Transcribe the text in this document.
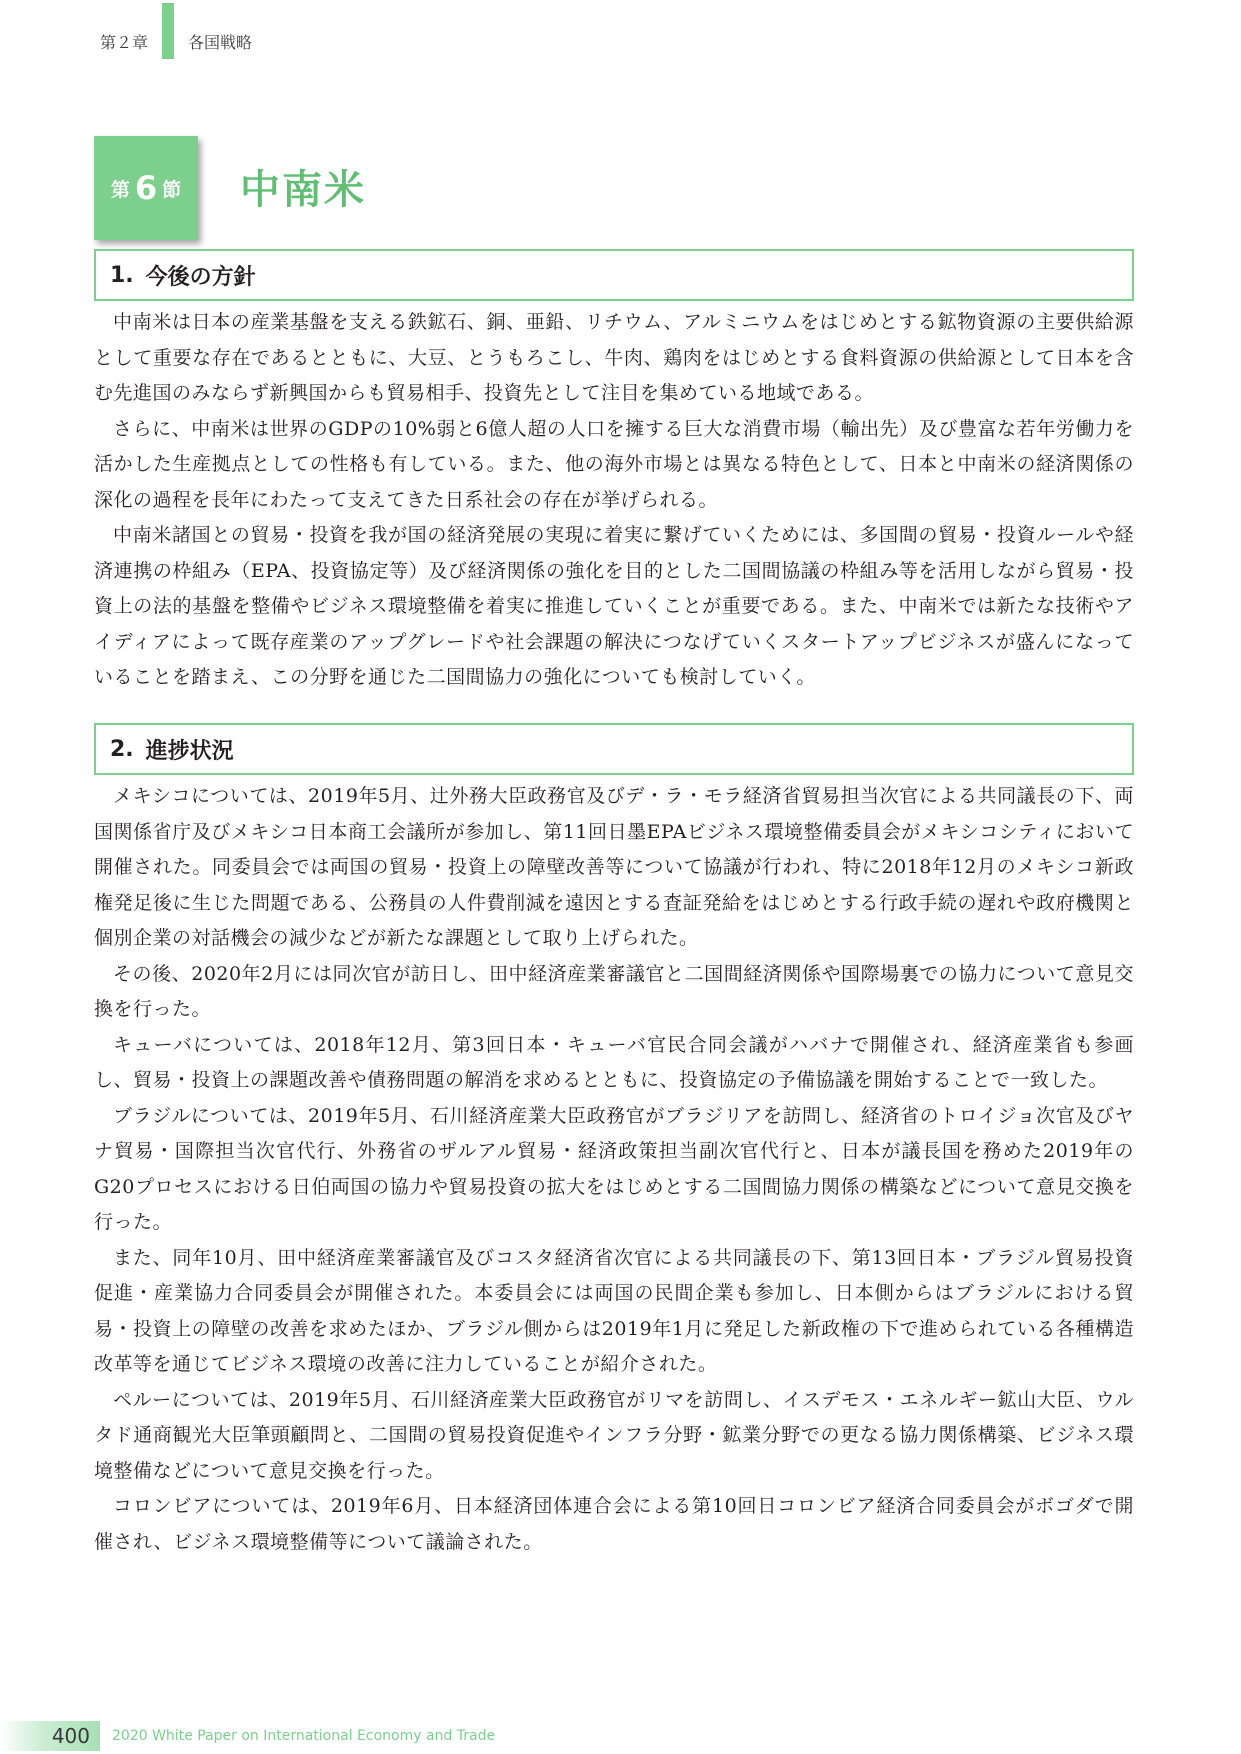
第２章	各国戦略
第 6 節 中南米
1. 今後の方針

中南米は日本の産業基盤を支える鉄鉱石、銅、亜鉛、リチウム、アルミニウムをはじめとする鉱物資源の主要供給源として重要な存在であるとともに、大豆、とうもろこし、牛肉、鶏肉をはじめとする食料資源の供給源として日本を含む先進国のみならず新興国からも貿易相手、投資先として注目を集めている地域である。

さらに、中南米は世界のGDPの10%弱と6億人超の人口を擁する巨大な消費市場（輸出先）及び豊富な若年労働力を活かした生産拠点としての性格も有している。また、他の海外市場とは異なる特色として、日本と中南米の経済関係の深化の過程を長年にわたって支えてきた日系社会の存在が挙げられる。

中南米諸国との貿易・投資を我が国の経済発展の実現に着実に繋げていくためには、多国間の貿易・投資ルールや経済連携の枠組み（EPA、投資協定等）及び経済関係の強化を目的とした二国間協議の枠組み等を活用しながら貿易・投資上の法的基盤を整備やビジネス環境整備を着実に推進していくことが重要である。また、中南米では新たな技術やアイディアによって既存産業のアップグレードや社会課題の解決につなげていくスタートアップビジネスが盛んになっていることを踏まえ、この分野を通じた二国間協力の強化についても検討していく。

2. 進捗状況

メキシコについては、2019年5月、辻外務大臣政務官及びデ・ラ・モラ経済省貿易担当次官による共同議長の下、両国関係省庁及びメキシコ日本商工会議所が参加し、第11回日墨EPAビジネス環境整備委員会がメキシコシティにおいて開催された。同委員会では両国の貿易・投資上の障壁改善等について協議が行われ、特に2018年12月のメキシコ新政権発足後に生じた問題である、公務員の人件費削減を遠因とする査証発給をはじめとする行政手続の遅れや政府機関と個別企業の対話機会の減少などが新たな課題として取り上げられた。

その後、2020年2月には同次官が訪日し、田中経済産業審議官と二国間経済関係や国際場裏での協力について意見交換を行った。

キューバについては、2018年12月、第3回日本・キューバ官民合同会議がハバナで開催され、経済産業省も参画し、貿易・投資上の課題改善や債務問題の解消を求めるとともに、投資協定の予備協議を開始することで一致した。

ブラジルについては、2019年5月、石川経済産業大臣政務官がブラジリアを訪問し、経済省のトロイジョ次官及びヤナ貿易・国際担当次官代行、外務省のザルアル貿易・経済政策担当副次官代行と、日本が議長国を務めた2019年のG20プロセスにおける日伯両国の協力や貿易投資の拡大をはじめとする二国間協力関係の構築などについて意見交換を行った。

また、同年10月、田中経済産業審議官及びコスタ経済省次官による共同議長の下、第13回日本・ブラジル貿易投資促進・産業協力合同委員会が開催された。本委員会には両国の民間企業も参加し、日本側からはブラジルにおける貿易・投資上の障壁の改善を求めたほか、ブラジル側からは2019年1月に発足した新政権の下で進められている各種構造改革等を通じてビジネス環境の改善に注力していることが紹介された。

ペルーについては、2019年5月、石川経済産業大臣政務官がリマを訪問し、イスデモス・エネルギー鉱山大臣、ウルタド通商観光大臣筆頭顧問と、二国間の貿易投資促進やインフラ分野・鉱業分野での更なる協力関係構築、ビジネス環境整備などについて意見交換を行った。

コロンビアについては、2019年6月、日本経済団体連合会による第10回日コロンビア経済合同委員会がボゴダで開催され、ビジネス環境整備等について議論された。

400	2020 White Paper on International Economy and Trade
